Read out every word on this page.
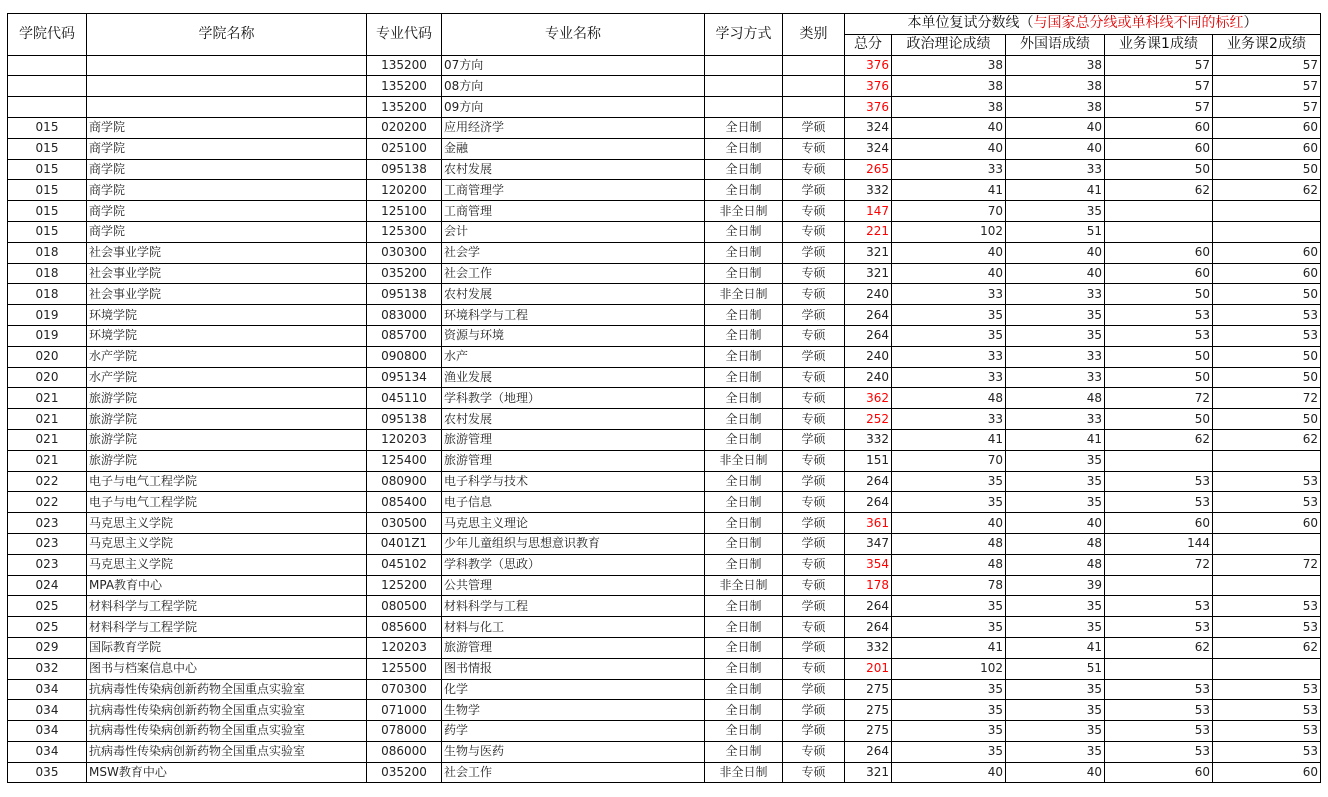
学院代码	学院名称	专业代码	专业名称	学习方式	类别	本单位复试分数线（与国家总分线或单科线不同的标红）				
						总分	政治理论成绩	外国语成绩	业务课1成绩	业务课2成绩
		135200	07方向			376	38	38	57	57
		135200	08方向			376	38	38	57	57
		135200	09方向			376	38	38	57	57
015	商学院	020200	应用经济学	全日制	学硕	324	40	40	60	60
015	商学院	025100	金融	全日制	专硕	324	40	40	60	60
015	商学院	095138	农村发展	全日制	专硕	265	33	33	50	50
015	商学院	120200	工商管理学	全日制	学硕	332	41	41	62	62
015	商学院	125100	工商管理	非全日制	专硕	147	70	35		
015	商学院	125300	会计	全日制	专硕	221	102	51		
018	社会事业学院	030300	社会学	全日制	学硕	321	40	40	60	60
018	社会事业学院	035200	社会工作	全日制	专硕	321	40	40	60	60
018	社会事业学院	095138	农村发展	非全日制	专硕	240	33	33	50	50
019	环境学院	083000	环境科学与工程	全日制	学硕	264	35	35	53	53
019	环境学院	085700	资源与环境	全日制	专硕	264	35	35	53	53
020	水产学院	090800	水产	全日制	学硕	240	33	33	50	50
020	水产学院	095134	渔业发展	全日制	专硕	240	33	33	50	50
021	旅游学院	045110	学科教学（地理）	全日制	专硕	362	48	48	72	72
021	旅游学院	095138	农村发展	全日制	专硕	252	33	33	50	50
021	旅游学院	120203	旅游管理	全日制	学硕	332	41	41	62	62
021	旅游学院	125400	旅游管理	非全日制	专硕	151	70	35		
022	电子与电气工程学院	080900	电子科学与技术	全日制	学硕	264	35	35	53	53
022	电子与电气工程学院	085400	电子信息	全日制	专硕	264	35	35	53	53
023	马克思主义学院	030500	马克思主义理论	全日制	学硕	361	40	40	60	60
023	马克思主义学院	0401Z1	少年儿童组织与思想意识教育	全日制	学硕	347	48	48	144	
023	马克思主义学院	045102	学科教学（思政）	全日制	专硕	354	48	48	72	72
024	MPA教育中心	125200	公共管理	非全日制	专硕	178	78	39		
025	材料科学与工程学院	080500	材料科学与工程	全日制	学硕	264	35	35	53	53
025	材料科学与工程学院	085600	材料与化工	全日制	专硕	264	35	35	53	53
029	国际教育学院	120203	旅游管理	全日制	学硕	332	41	41	62	62
032	图书与档案信息中心	125500	图书情报	全日制	专硕	201	102	51		
034	抗病毒性传染病创新药物全国重点实验室	070300	化学	全日制	学硕	275	35	35	53	53
034	抗病毒性传染病创新药物全国重点实验室	071000	生物学	全日制	学硕	275	35	35	53	53
034	抗病毒性传染病创新药物全国重点实验室	078000	药学	全日制	学硕	275	35	35	53	53
034	抗病毒性传染病创新药物全国重点实验室	086000	生物与医药	全日制	专硕	264	35	35	53	53
035	MSW教育中心	035200	社会工作	非全日制	专硕	321	40	40	60	60
